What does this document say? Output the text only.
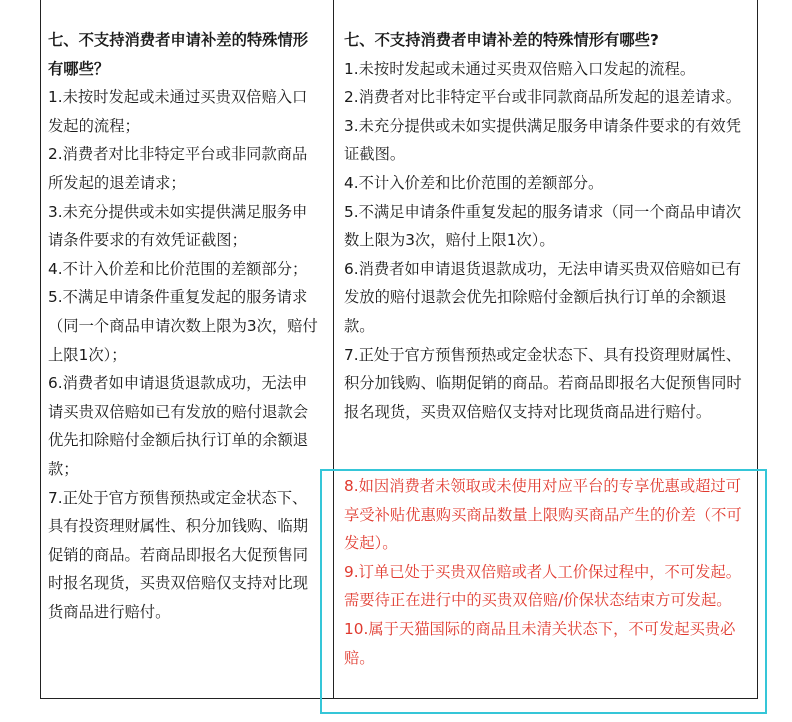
七、不支持消费者申请补差的特殊情形有哪些？

1.未按时发起或未通过买贵双倍赔入口发起的流程；

2.消费者对比非特定平台或非同款商品所发起的退差请求；

3.未充分提供或未如实提供满足服务申请条件要求的有效凭证截图；

4.不计入价差和比价范围的差额部分；

5.不满足申请条件重复发起的服务请求（同一个商品申请次数上限为3次，赔付上限1次）；

6.消费者如申请退货退款成功，无法申请买贵双倍赔如已有发放的赔付退款会优先扣除赔付金额后执行订单的余额退款；

7.正处于官方预售预热或定金状态下、具有投资理财属性、积分加钱购、临期促销的商品。若商品即报名大促预售同时报名现货，买贵双倍赔仅支持对比现货商品进行赔付。

七、不支持消费者申请补差的特殊情形有哪些?

1.未按时发起或未通过买贵双倍赔入口发起的流程。

2.消费者对比非特定平台或非同款商品所发起的退差请求。

3.未充分提供或未如实提供满足服务申请条件要求的有效凭证截图。

4.不计入价差和比价范围的差额部分。

5.不满足申请条件重复发起的服务请求（同一个商品申请次数上限为3次，赔付上限1次）。

6.消费者如申请退货退款成功，无法申请买贵双倍赔如已有发放的赔付退款会优先扣除赔付金额后执行订单的余额退款。

7.正处于官方预售预热或定金状态下、具有投资理财属性、积分加钱购、临期促销的商品。若商品即报名大促预售同时报名现货，买贵双倍赔仅支持对比现货商品进行赔付。

8.如因消费者未领取或未使用对应平台的专享优惠或超过可享受补贴优惠购买商品数量上限购买商品产生的价差（不可发起）。

9.订单已处于买贵双倍赔或者人工价保过程中，不可发起。需要待正在进行中的买贵双倍赔/价保状态结束方可发起。

10.属于天猫国际的商品且未清关状态下，不可发起买贵必赔。
